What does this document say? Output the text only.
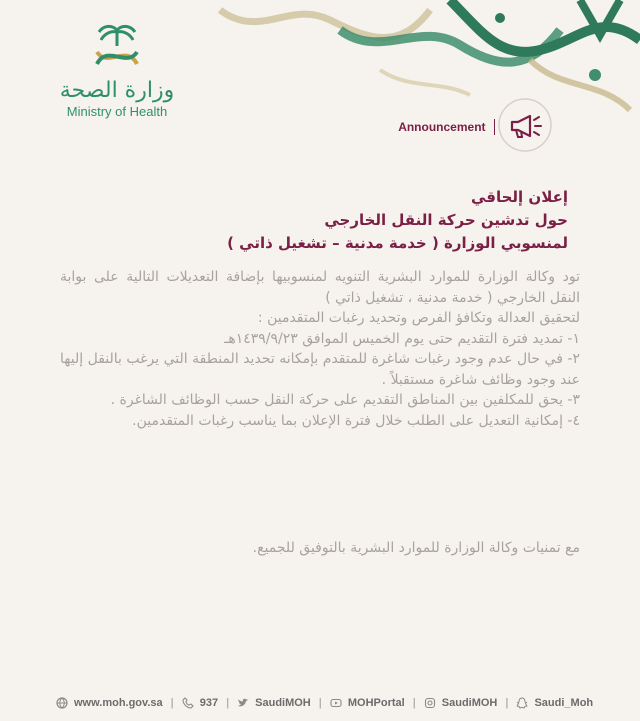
وزارة الصحة
Ministry of Health
Announcement
إعلان إلحاقي
حول تدشين حركة النقل الخارجي
لمنسوبي الوزارة ( خدمة مدنية – تشغيل ذاتي )

تود وكالة الوزارة للموارد البشرية التنويه لمنسوبيها بإضافة التعديلات التالية على بوابة النقل الخارجي ( خدمة مدنية ، تشغيل ذاتي )

لتحقيق العدالة وتكافؤ الفرص وتحديد رغبات المتقدمين :

١- تمديد فترة التقديم حتى يوم الخميس الموافق ١٤٣٩/٩/٢٣هـ

٢- في حال عدم وجود رغبات شاغرة للمتقدم بإمكانه تحديد المنطقة التي يرغب بالنقل إليها عند وجود وظائف شاغرة مستقبلاً .

٣- يحق للمكلفين بين المناطق التقديم على حركة النقل حسب الوظائف الشاغرة .

٤- إمكانية التعديل على الطلب خلال فترة الإعلان بما يناسب رغبات المتقدمين.

مع تمنيات وكالة الوزارة للموارد البشرية بالتوفيق للجميع.
www.moh.gov.sa | 937 | SaudiMOH | MOHPortal | SaudiMOH | Saudi_Moh
